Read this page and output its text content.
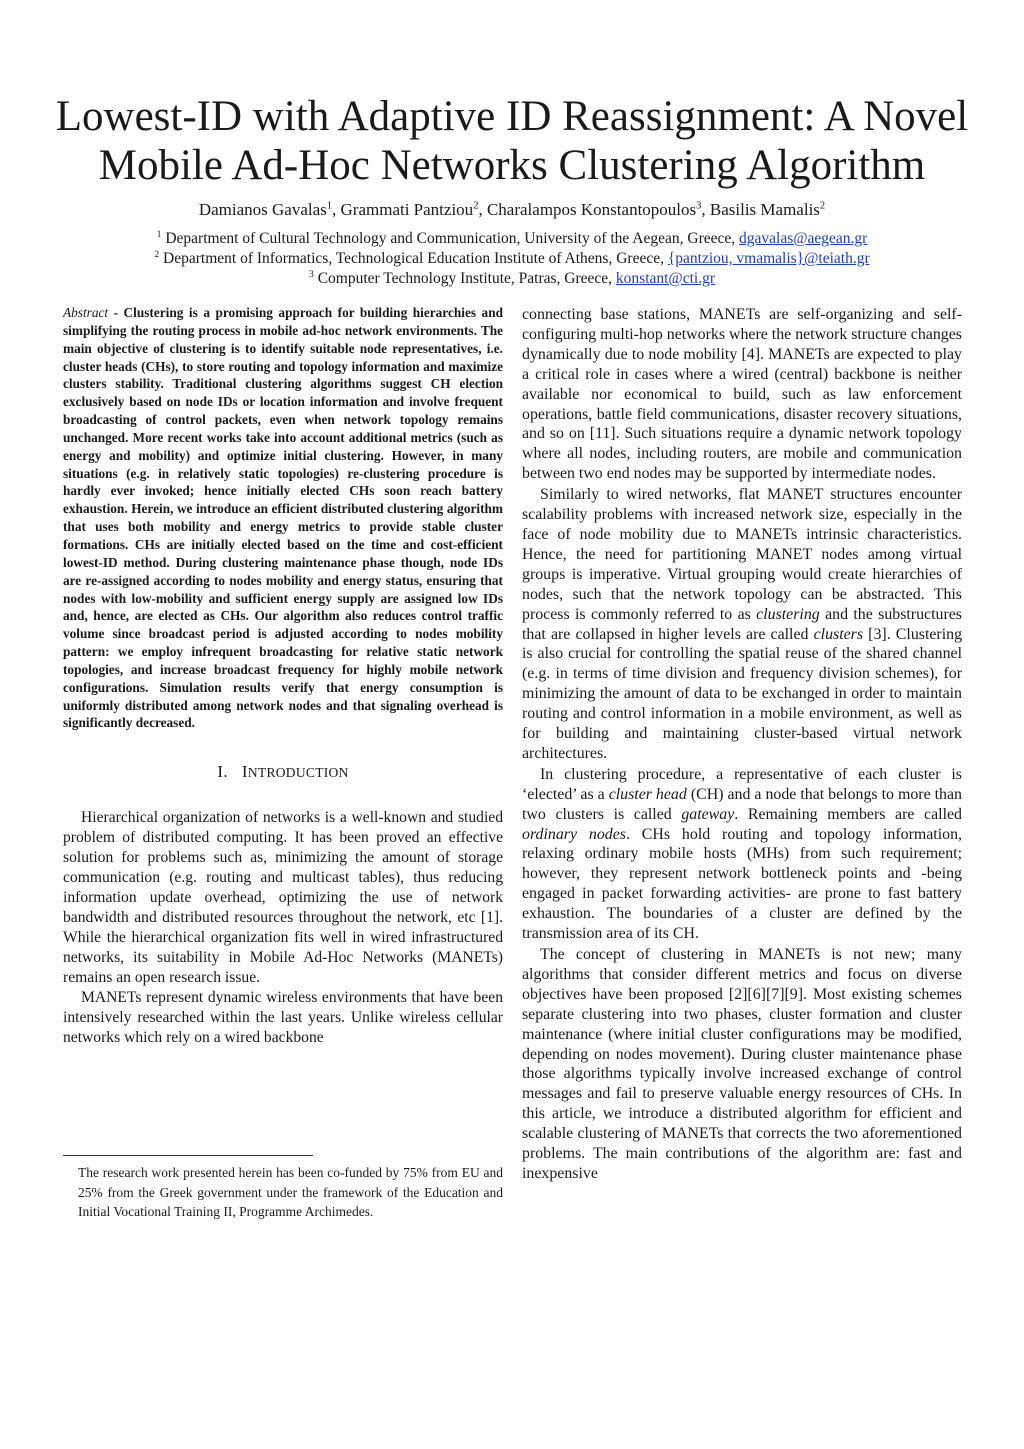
Lowest-ID with Adaptive ID Reassignment: A Novel
Mobile Ad-Hoc Networks Clustering Algorithm
Damianos Gavalas$^1$, Grammati Pantziou$^2$, Charalampos Konstantopoulos$^3$, Basilis Mamalis$^2$
$^1$ Department of Cultural Technology and Communication, University of the Aegean, Greece, dgavalas@aegean.gr
$^2$ Department of Informatics, Technological Education Institute of Athens, Greece, {pantziou, vmamalis}@teiath.gr
$^3$ Computer Technology Institute, Patras, Greece, konstant@cti.gr

Abstract - Clustering is a promising approach for building hierarchies and simplifying the routing process in mobile ad-hoc network environments. The main objective of clustering is to identify suitable node representatives, i.e. cluster heads (CHs), to store routing and topology information and maximize clusters stability. Traditional clustering algorithms suggest CH election exclusively based on node IDs or location information and involve frequent broadcasting of control packets, even when network topology remains unchanged. More recent works take into account additional metrics (such as energy and mobility) and optimize initial clustering. However, in many situations (e.g. in relatively static topologies) re-clustering procedure is hardly ever invoked; hence initially elected CHs soon reach battery exhaustion. Herein, we introduce an efficient distributed clustering algorithm that uses both mobility and energy metrics to provide stable cluster formations. CHs are initially elected based on the time and cost-efficient lowest-ID method. During clustering maintenance phase though, node IDs are re-assigned according to nodes mobility and energy status, ensuring that nodes with low-mobility and sufficient energy supply are assigned low IDs and, hence, are elected as CHs. Our algorithm also reduces control traffic volume since broadcast period is adjusted according to nodes mobility pattern: we employ infrequent broadcasting for relative static network topologies, and increase broadcast frequency for highly mobile network configurations. Simulation results verify that energy consumption is uniformly distributed among network nodes and that signaling overhead is significantly decreased.

I. INTRODUCTION

Hierarchical organization of networks is a well-known and studied problem of distributed computing. It has been proved an effective solution for problems such as, minimizing the amount of storage communication (e.g. routing and multicast tables), thus reducing information update overhead, optimizing the use of network bandwidth and distributed resources throughout the network, etc [1]. While the hierarchical organization fits well in wired infrastructured networks, its suitability in Mobile Ad-Hoc Networks (MANETs) remains an open research issue.

MANETs represent dynamic wireless environments that have been intensively researched within the last years. Unlike wireless cellular networks which rely on a wired backbone

The research work presented herein has been co-funded by 75% from EU and 25% from the Greek government under the framework of the Education and Initial Vocational Training II, Programme Archimedes.

connecting base stations, MANETs are self-organizing and self-configuring multi-hop networks where the network structure changes dynamically due to node mobility [4]. MANETs are expected to play a critical role in cases where a wired (central) backbone is neither available nor economical to build, such as law enforcement operations, battle field communications, disaster recovery situations, and so on [11]. Such situations require a dynamic network topology where all nodes, including routers, are mobile and communication between two end nodes may be supported by intermediate nodes.

Similarly to wired networks, flat MANET structures encounter scalability problems with increased network size, especially in the face of node mobility due to MANETs intrinsic characteristics. Hence, the need for partitioning MANET nodes among virtual groups is imperative. Virtual grouping would create hierarchies of nodes, such that the network topology can be abstracted. This process is commonly referred to as clustering and the substructures that are collapsed in higher levels are called clusters [3]. Clustering is also crucial for controlling the spatial reuse of the shared channel (e.g. in terms of time division and frequency division schemes), for minimizing the amount of data to be exchanged in order to maintain routing and control information in a mobile environment, as well as for building and maintaining cluster-based virtual network architectures.

In clustering procedure, a representative of each cluster is ‘elected’ as a cluster head (CH) and a node that belongs to more than two clusters is called gateway. Remaining members are called ordinary nodes. CHs hold routing and topology information, relaxing ordinary mobile hosts (MHs) from such requirement; however, they represent network bottleneck points and -being engaged in packet forwarding activities- are prone to fast battery exhaustion. The boundaries of a cluster are defined by the transmission area of its CH.

The concept of clustering in MANETs is not new; many algorithms that consider different metrics and focus on diverse objectives have been proposed [2][6][7][9]. Most existing schemes separate clustering into two phases, cluster formation and cluster maintenance (where initial cluster configurations may be modified, depending on nodes movement). During cluster maintenance phase those algorithms typically involve increased exchange of control messages and fail to preserve valuable energy resources of CHs. In this article, we introduce a distributed algorithm for efficient and scalable clustering of MANETs that corrects the two aforementioned problems. The main contributions of the algorithm are: fast and inexpensive
